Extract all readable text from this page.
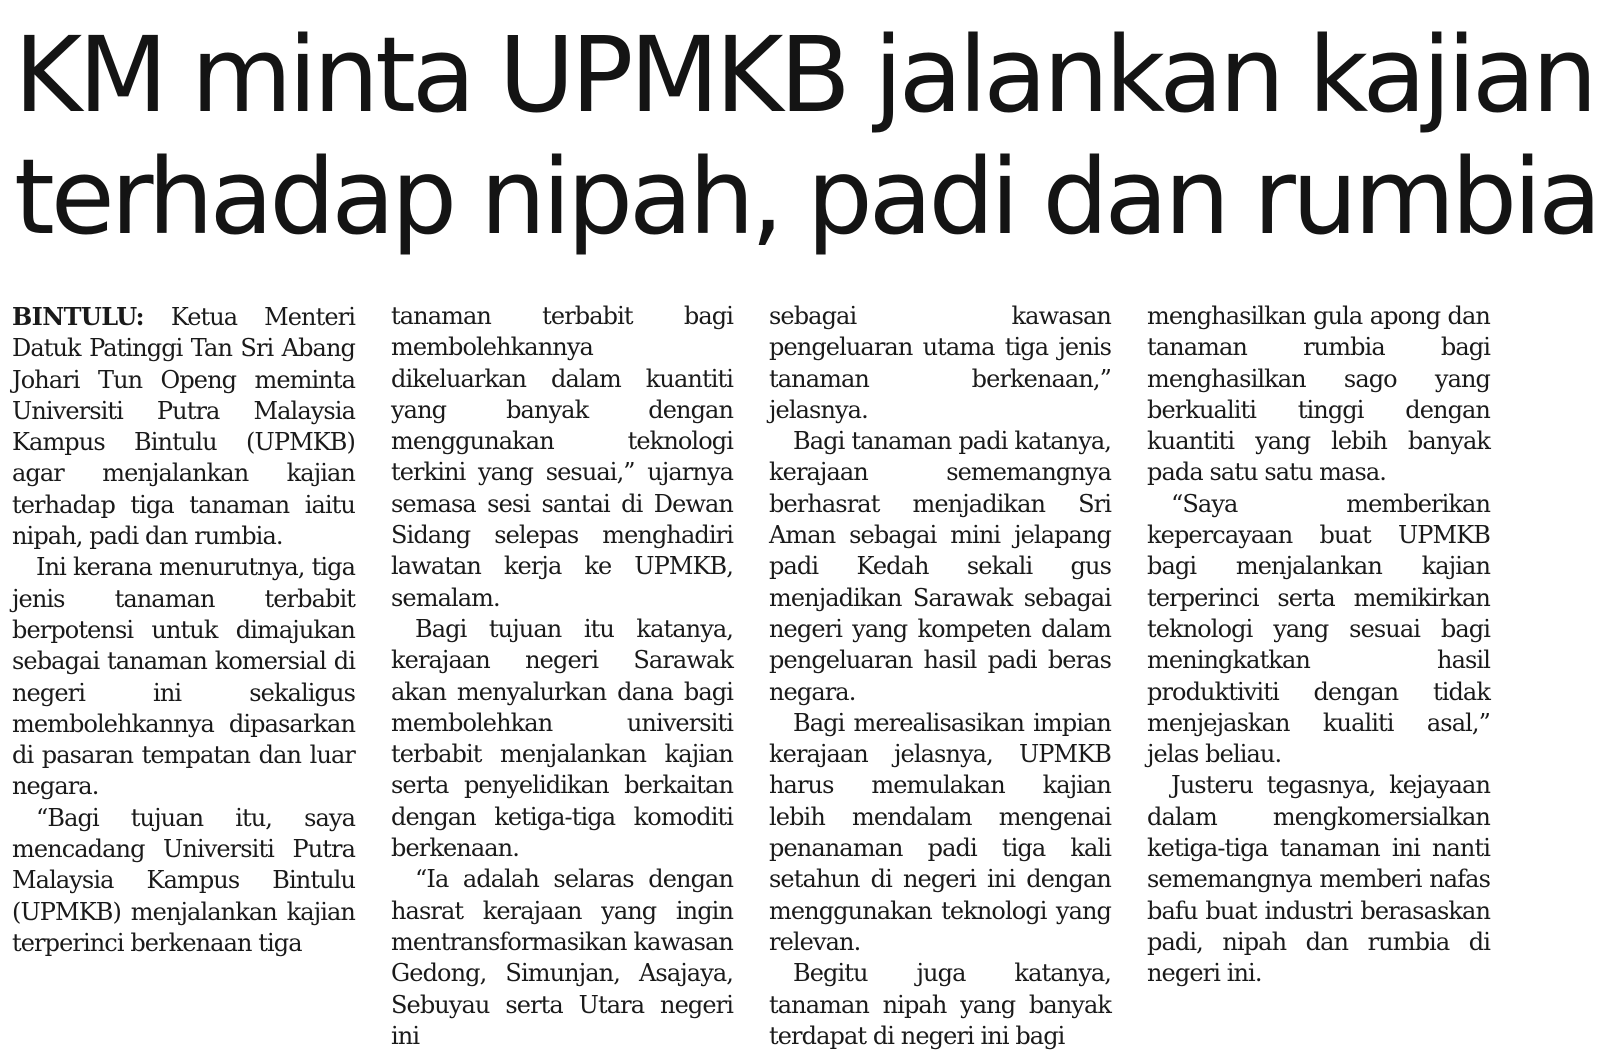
KM minta UPMKB jalankan kajian
terhadap nipah, padi dan rumbia

BINTULU: Ketua Menteri Datuk Patinggi Tan Sri Abang Johari Tun Openg meminta Universiti Putra Malaysia Kampus Bintulu (UPMKB) agar menjalankan kajian terhadap tiga tanaman iaitu nipah, padi dan rumbia.

Ini kerana menurutnya, tiga jenis tanaman terbabit berpotensi untuk dimajukan sebagai tanaman komersial di negeri ini sekaligus membolehkannya dipasarkan di pasaran tempatan dan luar negara.

“Bagi tujuan itu, saya mencadang Universiti Putra Malaysia Kampus Bintulu (UPMKB) menjalankan kajian terperinci berkenaan tiga

tanaman terbabit bagi membolehkannya dikeluarkan dalam kuantiti yang banyak dengan menggunakan teknologi terkini yang sesuai,” ujarnya semasa sesi santai di Dewan Sidang selepas menghadiri lawatan kerja ke UPMKB, semalam.

Bagi tujuan itu katanya, kerajaan negeri Sarawak akan menyalurkan dana bagi membolehkan universiti terbabit menjalankan kajian serta penyelidikan berkaitan dengan ketiga-tiga komoditi berkenaan.

“Ia adalah selaras dengan hasrat kerajaan yang ingin mentransformasikan kawasan Gedong, Simunjan, Asajaya, Sebuyau serta Utara negeri ini

sebagai kawasan pengeluaran utama tiga jenis tanaman berkenaan,” jelasnya.

Bagi tanaman padi katanya, kerajaan sememangnya berhasrat menjadikan Sri Aman sebagai mini jelapang padi Kedah sekali gus menjadikan Sarawak sebagai negeri yang kompeten dalam pengeluaran hasil padi beras negara.

Bagi merealisasikan impian kerajaan jelasnya, UPMKB harus memulakan kajian lebih mendalam mengenai penanaman padi tiga kali setahun di negeri ini dengan menggunakan teknologi yang relevan.

Begitu juga katanya, tanaman nipah yang banyak terdapat di negeri ini bagi

menghasilkan gula apong dan tanaman rumbia bagi menghasilkan sago yang berkualiti tinggi dengan kuantiti yang lebih banyak pada satu satu masa.

“Saya memberikan kepercayaan buat UPMKB bagi menjalankan kajian terperinci serta memikirkan teknologi yang sesuai bagi meningkatkan hasil produktiviti dengan tidak menjejaskan kualiti asal,” jelas beliau.

Justeru tegasnya, kejayaan dalam mengkomersialkan ketiga-tiga tanaman ini nanti sememangnya memberi nafas bafu buat industri berasaskan padi, nipah dan rumbia di negeri ini.
